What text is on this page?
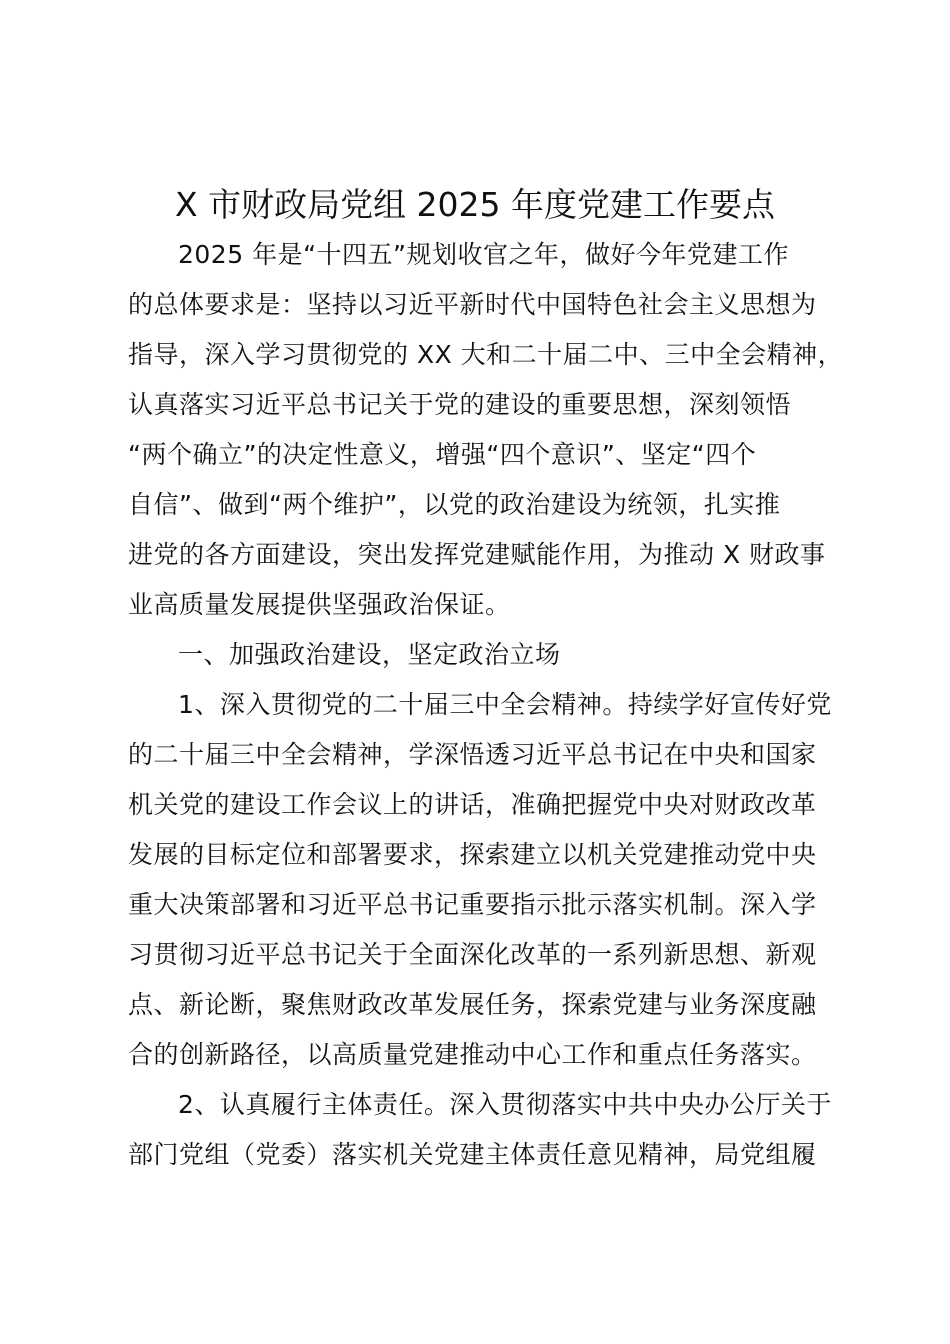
X 市财政局党组 2025 年度党建工作要点
2025 年是“十四五”规划收官之年，做好今年党建工作
的总体要求是：坚持以习近平新时代中国特色社会主义思想为
指导，深入学习贯彻党的 XX 大和二十届二中、三中全会精神，
认真落实习近平总书记关于党的建设的重要思想，深刻领悟
“两个确立”的决定性意义，增强“四个意识”、坚定“四个
自信”、做到“两个维护”，以党的政治建设为统领，扎实推
进党的各方面建设，突出发挥党建赋能作用，为推动 X 财政事
业高质量发展提供坚强政治保证。
一、加强政治建设，坚定政治立场
1、深入贯彻党的二十届三中全会精神。持续学好宣传好党
的二十届三中全会精神，学深悟透习近平总书记在中央和国家
机关党的建设工作会议上的讲话，准确把握党中央对财政改革
发展的目标定位和部署要求，探索建立以机关党建推动党中央
重大决策部署和习近平总书记重要指示批示落实机制。深入学
习贯彻习近平总书记关于全面深化改革的一系列新思想、新观
点、新论断，聚焦财政改革发展任务，探索党建与业务深度融
合的创新路径，以高质量党建推动中心工作和重点任务落实。
2、认真履行主体责任。深入贯彻落实中共中央办公厅关于
部门党组（党委）落实机关党建主体责任意见精神，局党组履
